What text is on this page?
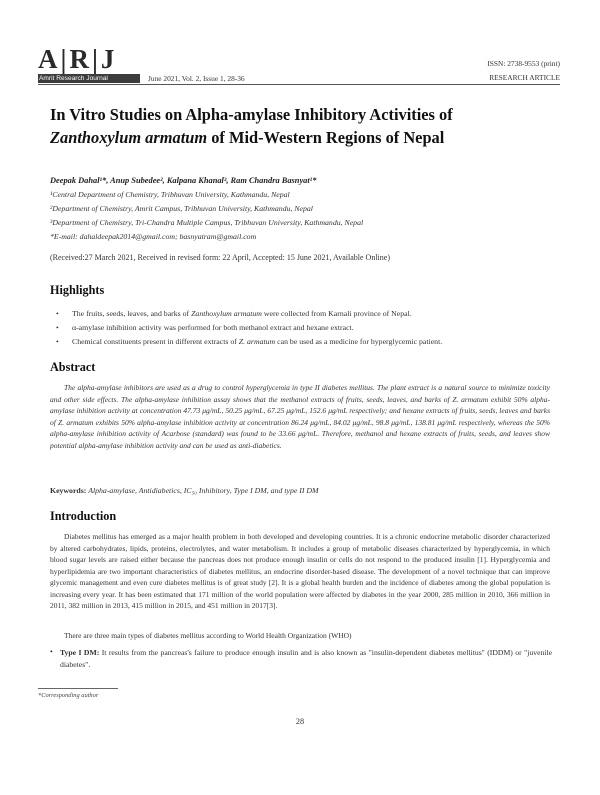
A|R|J
Amrit Research Journal	June 2021, Vol. 2, Issue 1, 28-36
ISSN: 2738-9553 (print)
RESEARCH ARTICLE
In Vitro Studies on Alpha-amylase Inhibitory Activities of
Zanthoxylum armatum of Mid-Western Regions of Nepal
Deepak Dahal¹*, Anup Subedee², Kalpana Khanal³, Ram Chandra Basnyat¹*
¹Central Department of Chemistry, Tribhuvan University, Kathmandu, Nepal
²Department of Chemistry, Amrit Campus, Tribhuvan University, Kathmandu, Nepal
³Department of Chemistry, Tri-Chandra Multiple Campus, Tribhuvan University, Kathmandu, Nepal
*E-mail: dahaldeepak2014@gmail.com; basnyatram@gmail.com
(Received:27 March 2021, Received in revised form: 22 April, Accepted: 15 June 2021, Available Online)
Highlights
• The fruits, seeds, leaves, and barks of Zanthoxylum armatum were collected from Karnali province of Nepal.
• α-amylase inhibition activity was performed for both methanol extract and hexane extract.
• Chemical constituents present in different extracts of Z. armatum can be used as a medicine for hyperglycemic patient.
Abstract
The alpha-amylase inhibitors are used as a drug to control hyperglycemia in type II diabetes mellitus. The plant extract is a natural source to minimize toxicity and other side effects. The alpha-amylase inhibition assay shows that the methanol extracts of fruits, seeds, leaves, and barks of Z. armatum exhibit 50% alpha-amylase inhibition activity at concentration 47.73 μg/mL, 50.25 μg/mL, 67.25 μg/mL, 152.6 μg/mL respectively; and hexane extracts of fruits, seeds, leaves and barks of Z. armatum exhibits 50% alpha-amylase inhibition activity at concentration 86.24 μg/mL, 84.02 μg/mL, 98.8 μg/mL, 138.81 μg/mL respectively, whereas the 50% alpha-amylase inhibition activity of Acarbose (standard) was found to be 33.66 μg/mL. Therefore, methanol and hexane extracts of fruits, seeds, and leaves show potential alpha-amylase inhibition activity and can be used as anti-diabetics.
Keywords: Alpha-amylase, Antidiabetics, IC₅₀ Inhibitory, Type I DM, and type II DM
Introduction
Diabetes mellitus has emerged as a major health problem in both developed and developing countries. It is a chronic endocrine metabolic disorder characterized by altered carbohydrates, lipids, proteins, electrolytes, and water metabolism. It includes a group of metabolic diseases characterized by hyperglycemia, in which blood sugar levels are raised either because the pancreas does not produce enough insulin or cells do not respond to the produced insulin [1]. Hyperglycemia and hyperlipidemia are two important characteristics of diabetes mellitus, an endocrine disorder-based disease. The development of a novel technique that can improve glycemic management and even cure diabetes mellitus is of great study [2]. It is a global health burden and the incidence of diabetes among the global population is increasing every year. It has been estimated that 171 million of the world population were affected by diabetes in the year 2000, 285 million in 2010, 366 million in 2011, 382 million in 2013, 415 million in 2015, and 451 million in 2017[3].
There are three main types of diabetes mellitus according to World Health Organization (WHO)
• Type I DM: It results from the pancreas's failure to produce enough insulin and is also known as "insulin-dependent diabetes mellitus" (IDDM) or "juvenile diabetes".
*Corresponding author
28
